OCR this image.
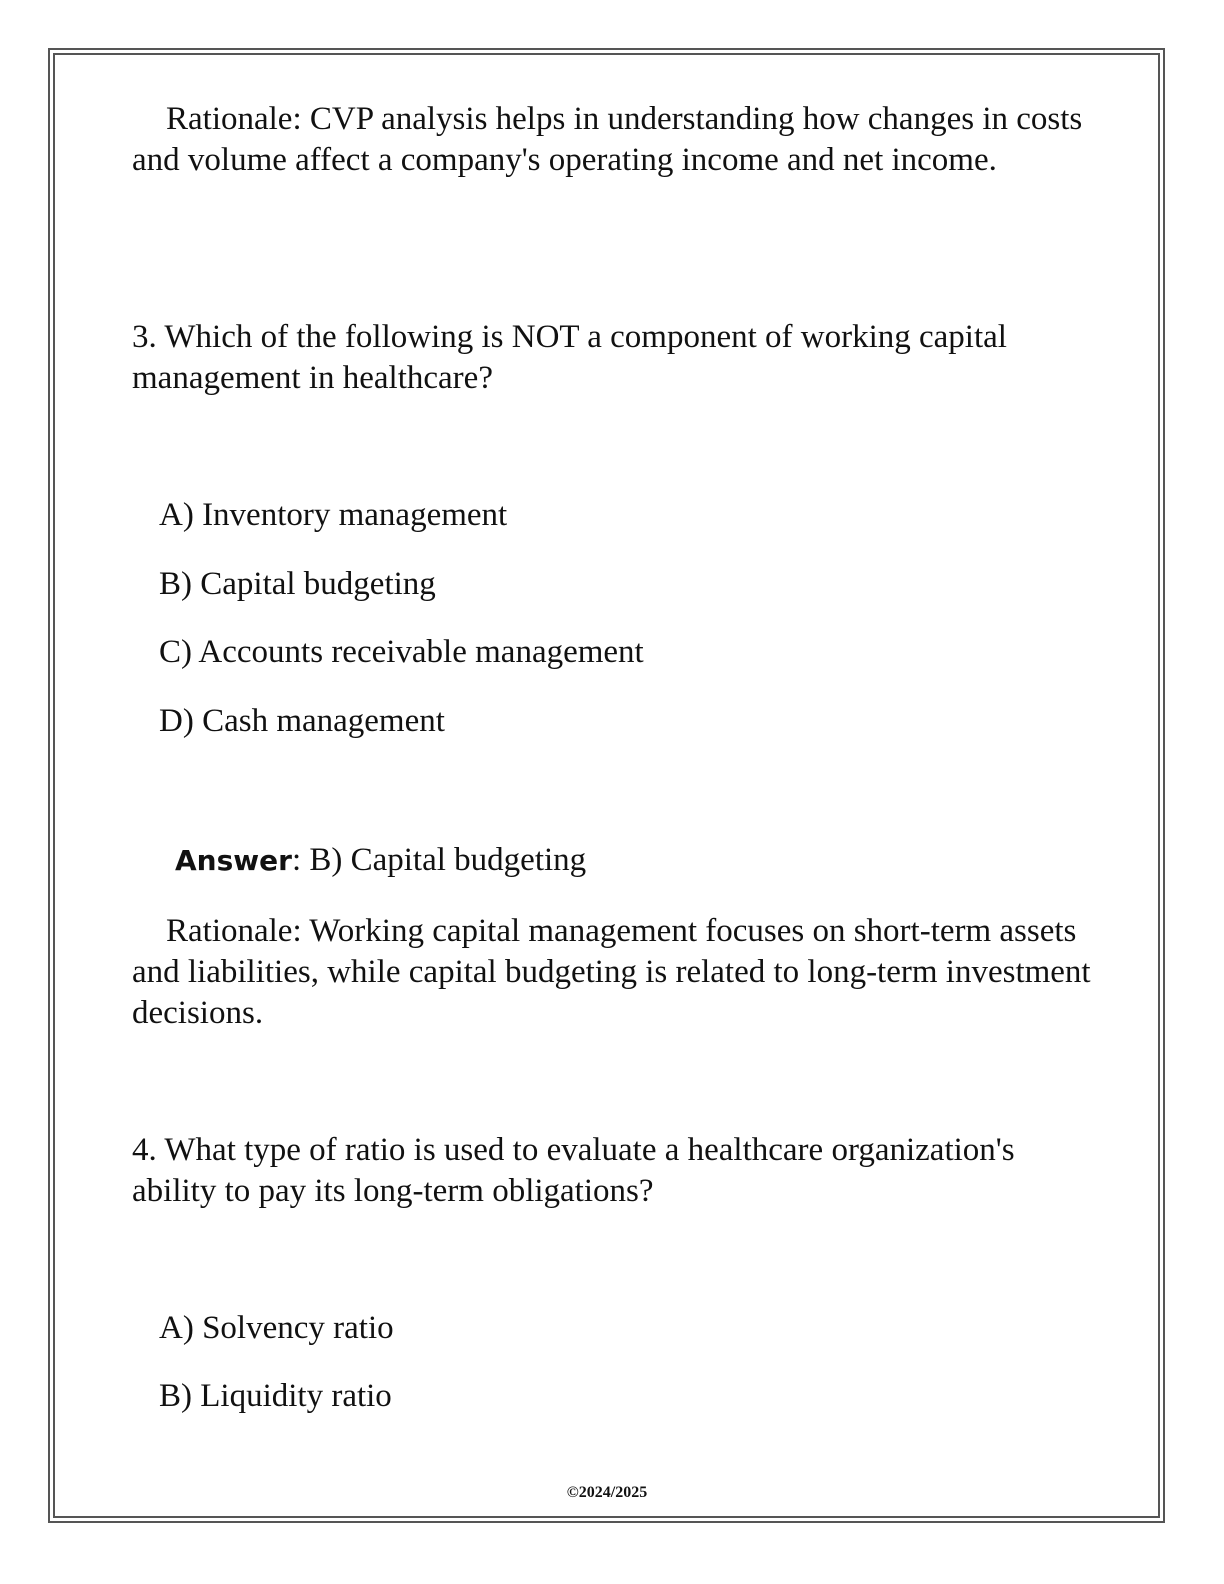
Rationale: CVP analysis helps in understanding how changes in costs and volume affect a company's operating income and net income.

3. Which of the following is NOT a component of working capital management in healthcare?

A) Inventory management
B) Capital budgeting
C) Accounts receivable management
D) Cash management
Answer: B) Capital budgeting

Rationale: Working capital management focuses on short-term assets and liabilities, while capital budgeting is related to long-term investment decisions.

4. What type of ratio is used to evaluate a healthcare organization's ability to pay its long-term obligations?

A) Solvency ratio
B) Liquidity ratio
©2024/2025
